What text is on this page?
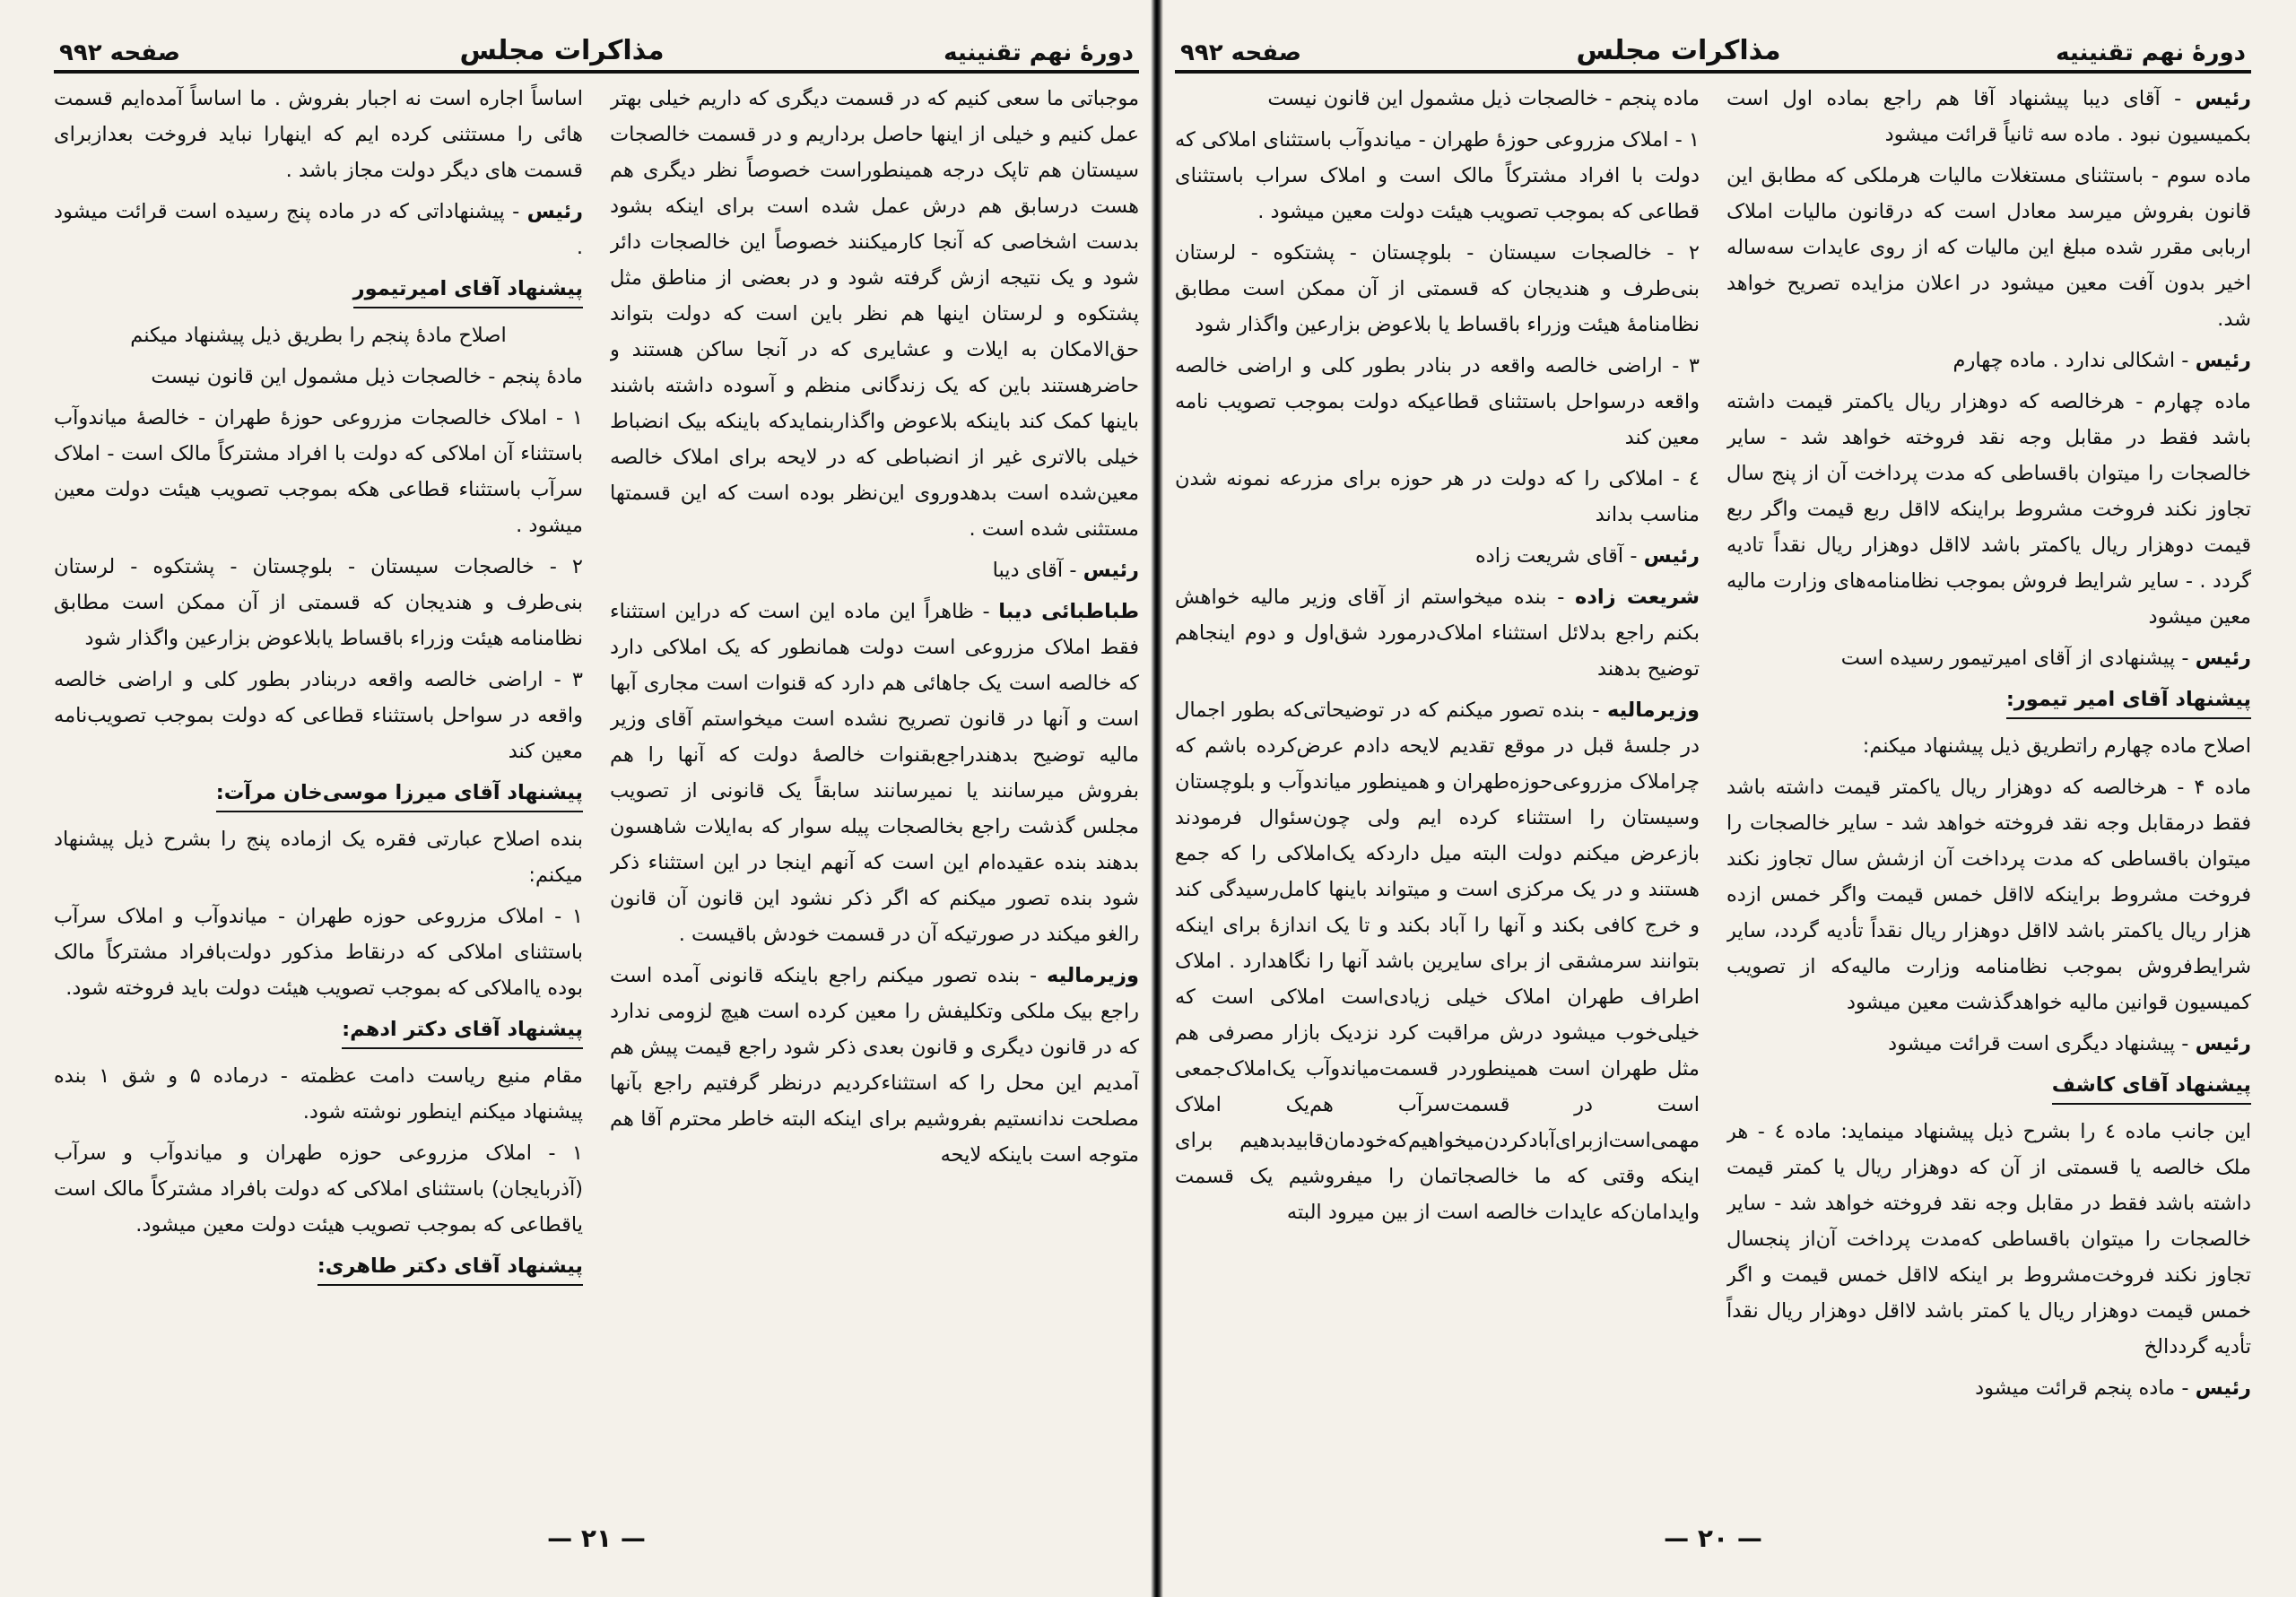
دورهٔ نهم تقنینیه
مذاکرات مجلس
صفحه ۹۹۲

موجباتی ما سعی کنیم که در قسمت دیگری که داریم خیلی بهتر عمل کنیم و خیلی از اینها حاصل برداریم و در قسمت خالصجات سیستان هم تاپک درجه همینطوراست خصوصاً نظر دیگری هم هست درسابق هم درش عمل شده است برای اینکه بشود بدست اشخاصی که آنجا کارمیکنند خصوصاً این خالصجات دائر شود و یک نتیجه ازش گرفته شود و در بعضی از مناطق مثل پشتکوه و لرستان اینها هم نظر باین است که دولت بتواند حق‌الامکان به ایلات و عشایری که در آنجا ساکن هستند و حاضرهستند باین که یک زندگانی منظم و آسوده داشته باشند باینها کمک کند باینکه بلاعوض واگذاربنمایدکه باینکه بیک انضباط خیلی بالاتری غیر از انضباطی که در لایحه برای املاک خالصه معین‌شده است بدهدوروی این‌نظر بوده است که این قسمتها مستثنی شده است .

رئیس - آقای دیبا

طباطبائی دیبا - ظاهراً این ماده این است که دراین استثناء فقط املاک مزروعی است دولت همانطور که یک املاکی دارد که خالصه است یک جاهائی هم دارد که قنوات است مجاری آبها است و آنها در قانون تصریح نشده است میخواستم آقای وزیر مالیه توضیح بدهندراجع‌بقنوات خالصهٔ دولت که آنها را هم بفروش میرسانند یا نمیرسانند سابقاً یک قانونی از تصویب مجلس گذشت راجع بخالصجات پیله سوار که به‌ایلات شاهسون بدهند بنده عقیده‌ام این است که آنهم اینجا در این استثناء ذکر شود بنده تصور میکنم که اگر ذکر نشود این قانون آن قانون رالغو میکند در صورتیکه آن در قسمت خودش باقیست .

وزیرمالیه - بنده تصور میکنم راجع باینکه قانونی آمده است راجع بیک ملکی وتکلیفش را معین کرده است هیچ لزومی ندارد که در قانون دیگری و قانون بعدی ذکر شود راجع قیمت پیش هم آمدیم این محل را که استثناءکردیم درنظر گرفتیم راجع بآنها مصلحت ندانستیم بفروشیم برای اینکه البته خاطر محترم آقا هم متوجه است باینکه لایحه

اساساً اجاره است نه اجبار بفروش . ما اساساً آمده‌ایم قسمت هائی را مستثنی کرده ایم که اینهارا نباید فروخت بعدازبرای قسمت های دیگر دولت مجاز باشد .

رئیس - پیشنهاداتی که در ماده پنج رسیده است قرائت میشود .

پیشنهاد آقای امیرتیمور

اصلاح مادهٔ پنجم را بطریق ذیل پیشنهاد میکنم

مادهٔ پنجم - خالصجات ذیل مشمول این قانون نیست

۱ - املاک خالصجات مزروعی حوزهٔ طهران - خالصهٔ میاندوآب باستثناء آن املاکی که دولت با افراد مشترکاً مالک است - املاک سرآب باستثناء قطاعی هکه بموجب تصویب هیئت دولت معین میشود .

۲ - خالصجات سیستان - بلوچستان - پشتکوه - لرستان بنی‌طرف و هندیجان که قسمتی از آن ممکن است مطابق نظامنامه هیئت وزراء باقساط یابلاعوض بزارعین واگذار شود

۳ - اراضی خالصه واقعه دربنادر بطور کلی و اراضی خالصه واقعه در سواحل باستثناء قطاعی که دولت بموجب تصویب‌نامه معین کند

پیشنهاد آقای میرزا موسی‌خان مرآت:

بنده اصلاح عبارتی فقره یک ازماده پنج را بشرح ذیل پیشنهاد میکنم:

۱ - املاک مزروعی حوزه طهران - میاندوآب و املاک سرآب باستثنای املاکی که درنقاط مذکور دولت‌بافراد مشترکاً مالک بوده یااملاکی که بموجب تصویب هیئت دولت باید فروخته شود.

پیشنهاد آقای دکتر ادهم:

مقام منیع ریاست دامت عظمته - درماده ۵ و شق ۱ بنده پیشنهاد میکنم اینطور نوشته شود.

۱ - املاک مزروعی حوزه طهران و میاندوآب و سرآب (آذربایجان) باستثنای املاکی که دولت بافراد مشترکاً مالک است یاقطاعی که بموجب تصویب هیئت دولت معین میشود.

پیشنهاد آقای دکتر طاهری:

— ۲۱ —
دورهٔ نهم تقنینیه
مذاکرات مجلس
صفحه ۹۹۲

رئیس - آقای دیبا پیشنهاد آقا هم راجع بماده اول است بکمیسیون نبود . ماده سه ثانیاً قرائت میشود

ماده سوم - باستثنای مستغلات مالیات هرملکی که مطابق این قانون بفروش میرسد معادل است که درقانون مالیات املاک اربابی مقرر شده مبلغ این مالیات که از روی عایدات سه‌ساله اخیر بدون آفت معین میشود در اعلان مزایده تصریح خواهد شد.

رئیس - اشکالی ندارد . ماده چهارم

ماده چهارم - هرخالصه که دوهزار ریال یاکمتر قیمت داشته باشد فقط در مقابل وجه نقد فروخته خواهد شد - سایر خالصجات را میتوان باقساطی که مدت پرداخت آن از پنج سال تجاوز نکند فروخت مشروط براینکه لااقل ربع قیمت واگر ربع قیمت دوهزار ریال یاکمتر باشد لااقل دوهزار ریال نقداً تادیه گردد . - سایر شرایط فروش بموجب نظامنامه‌های وزارت مالیه معین میشود

رئیس - پیشنهادی از آقای امیرتیمور رسیده است

پیشنهاد آقای امیر تیمور:

اصلاح ماده چهارم راتطریق ذیل پیشنهاد میکنم:

ماده ۴ - هرخالصه که دوهزار ریال یاکمتر قیمت داشته باشد فقط درمقابل وجه نقد فروخته خواهد شد - سایر خالصجات را میتوان باقساطی که مدت پرداخت آن ازشش سال تجاوز نکند فروخت مشروط براینکه لااقل خمس قیمت واگر خمس ازده هزار ریال یاکمتر باشد لااقل دوهزار ریال نقداً تأدیه گردد، سایر شرایط‌فروش بموجب نظامنامه وزارت مالیه‌که از تصویب کمیسیون قوانین مالیه خواهدگذشت معین میشود

رئیس - پیشنهاد دیگری است قرائت میشود

پیشنهاد آقای کاشف

این جانب ماده ٤ را بشرح ذیل پیشنهاد مینماید: ماده ٤ - هر ملک خالصه یا قسمتی از آن که دوهزار ریال یا کمتر قیمت داشته باشد فقط در مقابل وجه نقد فروخته خواهد شد - سایر خالصجات را میتوان باقساطی که‌مدت پرداخت آن‌از پنجسال تجاوز نکند فروخت‌مشروط بر اینکه لااقل خمس قیمت و اگر خمس قیمت دوهزار ریال یا کمتر باشد لااقل دوهزار ریال نقداً تأدیه گردد‌الخ

رئیس - ماده پنجم قرائت میشود

ماده پنجم - خالصجات ذیل مشمول این قانون نیست

۱ - املاک مزروعی حوزهٔ طهران - میاندوآب باستثنای املاکی که دولت با افراد مشترکاً مالک است و املاک سراب باستثنای قطاعی که بموجب تصویب هیئت دولت معین میشود .

۲ - خالصجات سیستان - بلوچستان - پشتکوه - لرستان بنی‌طرف و هندیجان که قسمتی از آن ممکن است مطابق نظامنامهٔ هیئت وزراء باقساط یا بلاعوض بزارعین واگذار شود

۳ - اراضی خالصه واقعه در بنادر بطور کلی و اراضی خالصه واقعه درسواحل باستثنای قطاعیکه دولت بموجب تصویب نامه معین کند

٤ - املاکی را که دولت در هر حوزه برای مزرعه نمونه شدن مناسب بداند

رئیس - آقای شریعت زاده

شریعت زاده - بنده میخواستم از آقای وزیر مالیه خواهش بکنم راجع بدلائل استثناء املاک‌درمورد شق‌اول و دوم اینجاهم توضیح بدهند

وزیرمالیه - بنده تصور میکنم که در توضیحاتی‌که بطور اجمال در جلسهٔ قبل در موقع تقدیم لایحه دادم عرض‌کرده باشم که چراملاک مزروعی‌حوزه‌طهران و همینطور میاندوآب و بلوچستان وسیستان را استثناء کرده ایم ولی چون‌سئوال فرمودند بازعرض میکنم دولت البته میل دارد‌که یک‌املاکی را که جمع هستند و در یک مرکزی است و میتواند باینها کامل‌رسیدگی کند و خرج کافی بکند و آنها را آباد بکند و تا یک اندازهٔ برای اینکه بتوانند سرمشقی از برای سایرین باشد آنها را نگاهدارد . املاک اطراف طهران املاک خیلی زیادی‌است املاکی است که خیلی‌خوب میشود درش مراقبت کرد نزدیک بازار مصرفی هم مثل طهران است همینطوردر قسمت‌میاندوآب یک‌املاک‌جمعی است در قسمت‌سرآب هم‌یک املاک مهمی‌است‌ازبرای‌آبادکردن‌میخواهیم‌که‌خودمان‌قابید‌بدهیم برای اینکه وقتی که ما خالصجاتمان را میفروشیم یک قسمت وایدامان‌که عایدات خالصه است از بین میرود البته

— ۲۰ —
